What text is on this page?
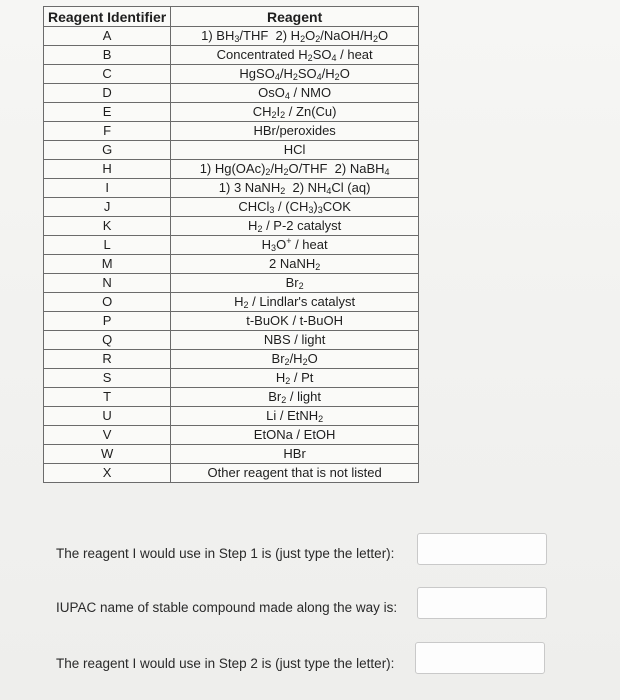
Reagent Identifier	Reagent
A	1) $BH_3$/THF  2) $H_2O_2/NaOH/H_2O$
B	Concentrated $H_2SO_4$ / heat
C	$HgSO_4/H_2SO_4/H_2O$
D	OsO$_4$ / NMO
E	$CH_2I_2 / Zn(Cu)$
F	HBr/peroxides
G	HCl
H	1) $Hg(OAc)_2/H_2O$/THF  2) NaBH$_4$
I	1) 3 NaNH$_2$  2) $NH_4Cl$ (aq)
J	CHCl$_3$ / $(CH_3)_3COK$
K	$H_2 / P-2$ catalyst
L	$H_3O^+$ / heat
M	2 NaNH$_2$
N	$Br_2$
O	$H_2$ / Lindlar's catalyst
P	t-BuOK / t-BuOH
Q	NBS / light
R	$Br_2/H_2O$
S	$H_2$ / Pt
T	$Br_2$ / light
U	Li / EtNH$_2$
V	EtONa / EtOH
W	HBr
X	Other reagent that is not listed
The reagent I would use in Step 1 is (just type the letter):
IUPAC name of stable compound made along the way is:
The reagent I would use in Step 2 is (just type the letter):
